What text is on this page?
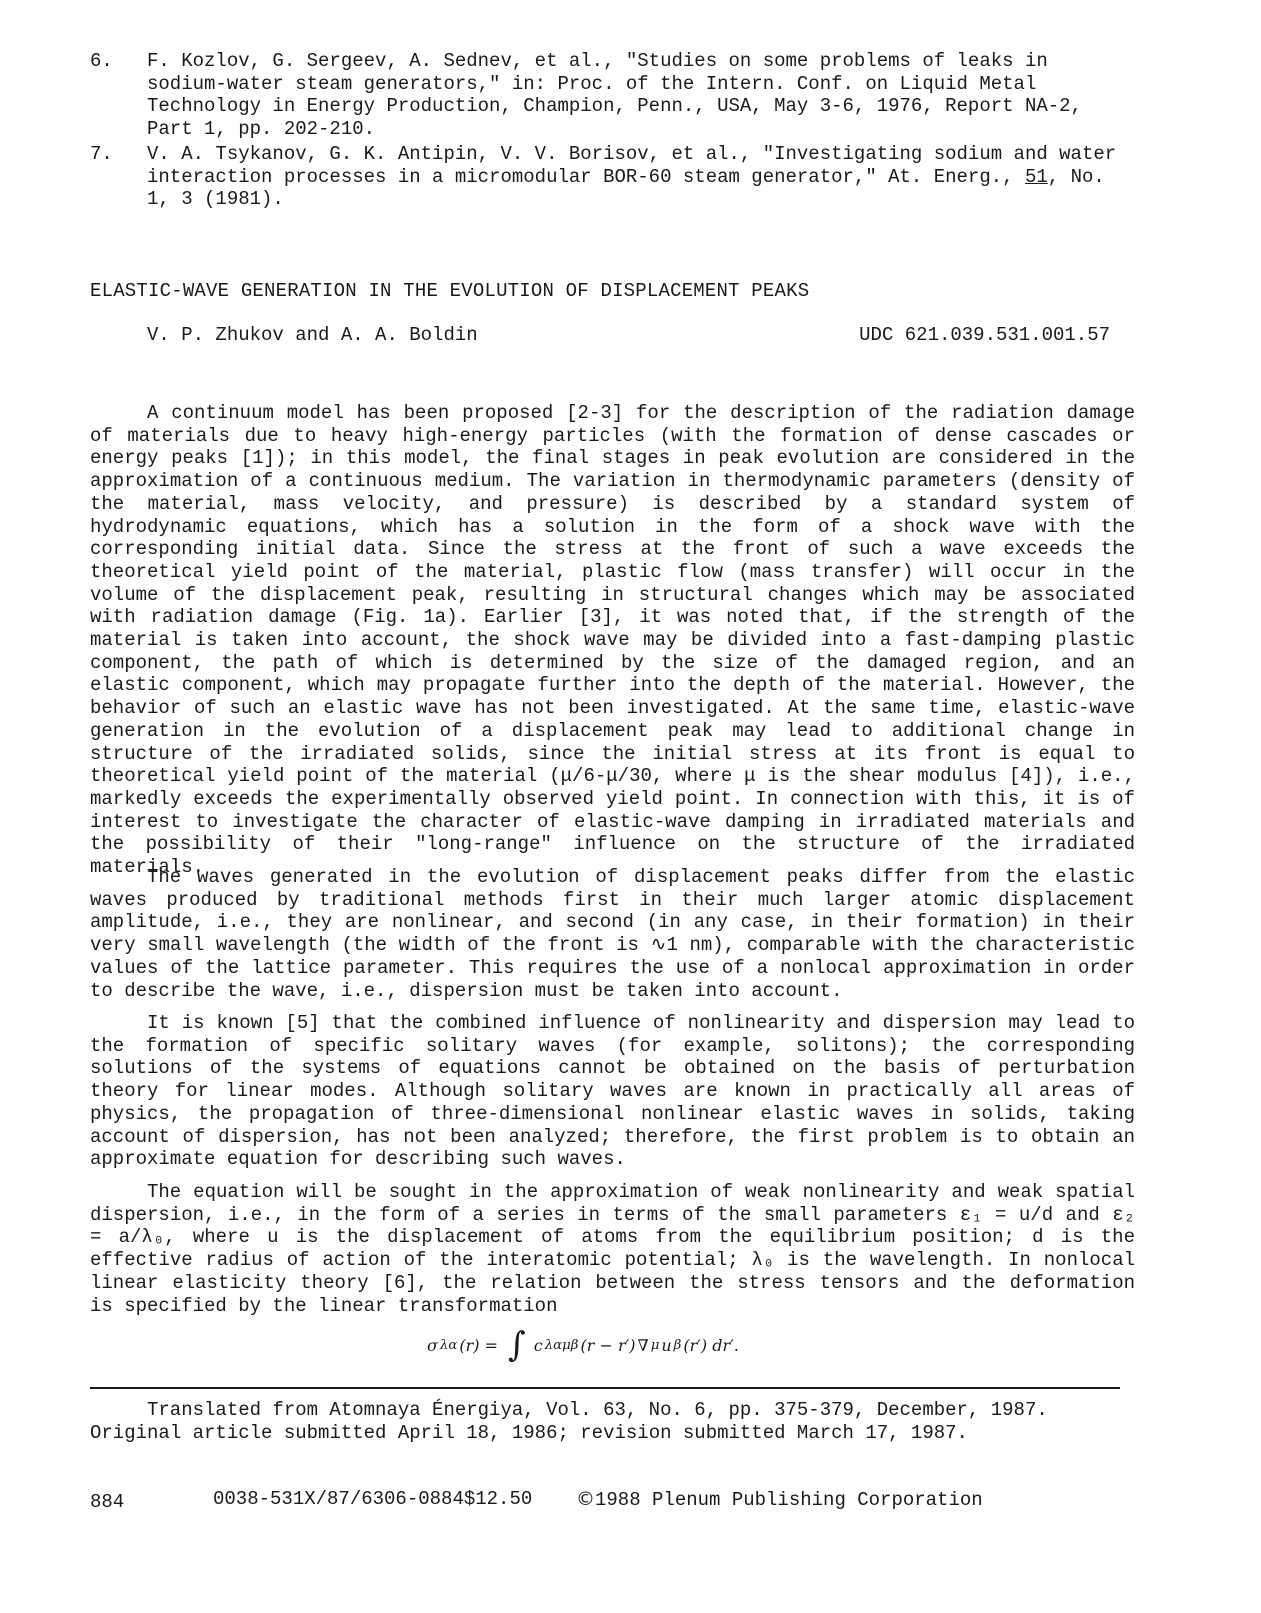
6. F. Kozlov, G. Sergeev, A. Sednev, et al., "Studies on some problems of leaks in sodium-water steam generators," in: Proc. of the Intern. Conf. on Liquid Metal Technology in Energy Production, Champion, Penn., USA, May 3-6, 1976, Report NA-2, Part 1, pp. 202-210.
7. V. A. Tsykanov, G. K. Antipin, V. V. Borisov, et al., "Investigating sodium and water interaction processes in a micromodular BOR-60 steam generator," At. Energ., 51, No. 1, 3 (1981).
ELASTIC-WAVE GENERATION IN THE EVOLUTION OF DISPLACEMENT PEAKS
V. P. Zhukov and A. A. Boldin	UDC 621.039.531.001.57
A continuum model has been proposed [2-3] for the description of the radiation damage of materials due to heavy high-energy particles (with the formation of dense cascades or energy peaks [1]); in this model, the final stages in peak evolution are considered in the approximation of a continuous medium. The variation in thermodynamic parameters (density of the material, mass velocity, and pressure) is described by a standard system of hydrodynamic equations, which has a solution in the form of a shock wave with the corresponding initial data. Since the stress at the front of such a wave exceeds the theoretical yield point of the material, plastic flow (mass transfer) will occur in the volume of the displacement peak, resulting in structural changes which may be associated with radiation damage (Fig. 1a). Earlier [3], it was noted that, if the strength of the material is taken into account, the shock wave may be divided into a fast-damping plastic component, the path of which is determined by the size of the damaged region, and an elastic component, which may propagate further into the depth of the material. However, the behavior of such an elastic wave has not been investigated. At the same time, elastic-wave generation in the evolution of a displacement peak may lead to additional change in structure of the irradiated solids, since the initial stress at its front is equal to theoretical yield point of the material (μ/6-μ/30, where μ is the shear modulus [4]), i.e., markedly exceeds the experimentally observed yield point. In connection with this, it is of interest to investigate the character of elastic-wave damping in irradiated materials and the possibility of their "long-range" influence on the structure of the irradiated materials.
The waves generated in the evolution of displacement peaks differ from the elastic waves produced by traditional methods first in their much larger atomic displacement amplitude, i.e., they are nonlinear, and second (in any case, in their formation) in their very small wavelength (the width of the front is ∿1 nm), comparable with the characteristic values of the lattice parameter. This requires the use of a nonlocal approximation in order to describe the wave, i.e., dispersion must be taken into account.
It is known [5] that the combined influence of nonlinearity and dispersion may lead to the formation of specific solitary waves (for example, solitons); the corresponding solutions of the systems of equations cannot be obtained on the basis of perturbation theory for linear modes. Although solitary waves are known in practically all areas of physics, the propagation of three-dimensional nonlinear elastic waves in solids, taking account of dispersion, has not been analyzed; therefore, the first problem is to obtain an approximate equation for describing such waves.
The equation will be sought in the approximation of weak nonlinearity and weak spatial dispersion, i.e., in the form of a series in terms of the small parameters ε₁ = u/d and ε₂ = a/λ₀, where u is the displacement of atoms from the equilibrium position; d is the effective radius of action of the interatomic potential; λ₀ is the wavelength. In nonlocal linear elasticity theory [6], the relation between the stress tensors and the deformation is specified by the linear transformation
σ λα (r) = ∫ c λαμβ (r − r′) ∇ μ u β (r′) dr′.
Translated from Atomnaya Énergiya, Vol. 63, No. 6, pp. 375-379, December, 1987. Original article submitted April 18, 1986; revision submitted March 17, 1987.
884	0038-531X/87/6306-0884$12.50 ©1988 Plenum Publishing Corporation
